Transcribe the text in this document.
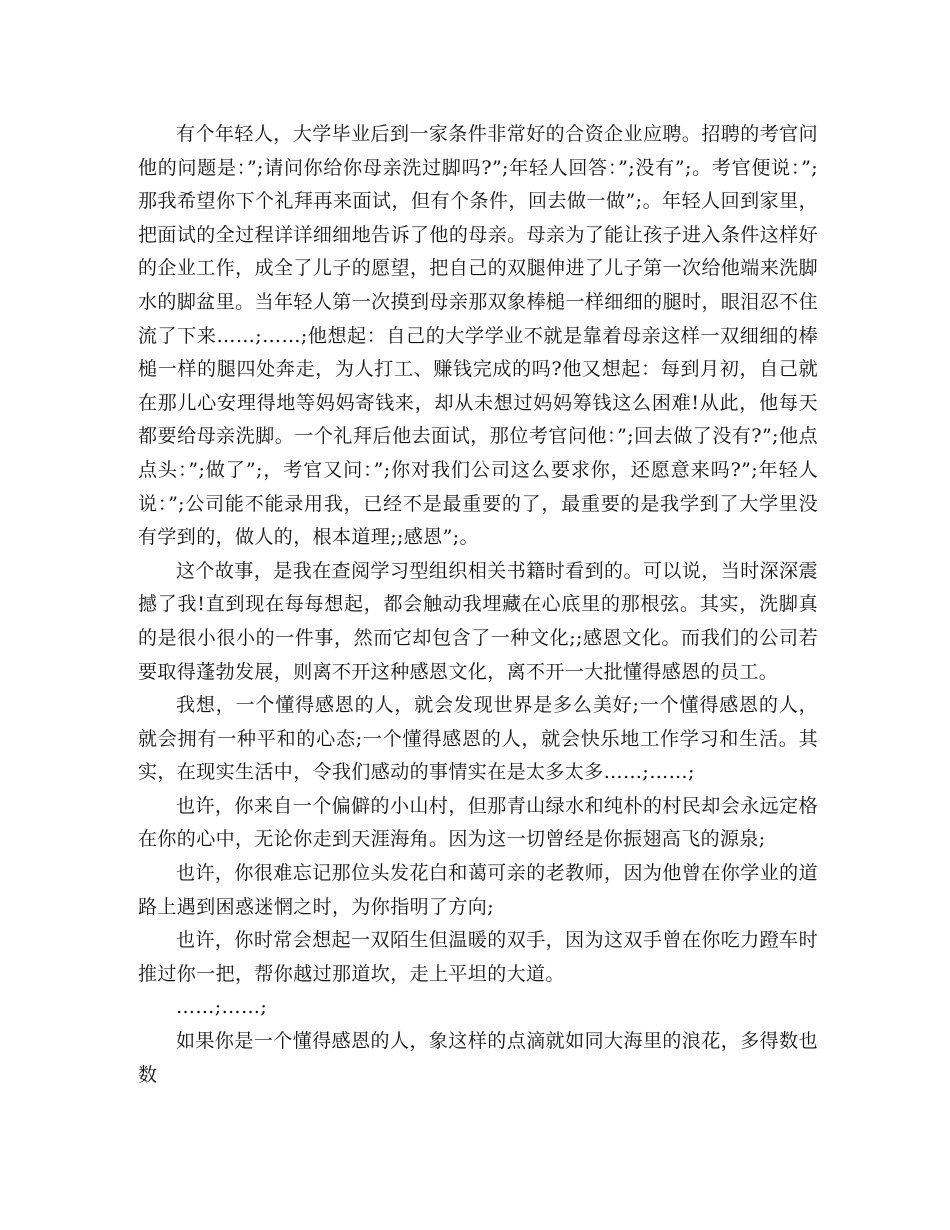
有个年轻人，大学毕业后到一家条件非常好的合资企业应聘。招聘的考官问他的问题是：”;请问你给你母亲洗过脚吗?”;年轻人回答：”;没有”;。考官便说：”;那我希望你下个礼拜再来面试，但有个条件，回去做一做”;。年轻人回到家里，把面试的全过程详详细细地告诉了他的母亲。母亲为了能让孩子进入条件这样好的企业工作，成全了儿子的愿望，把自己的双腿伸进了儿子第一次给他端来洗脚水的脚盆里。当年轻人第一次摸到母亲那双象棒槌一样细细的腿时，眼泪忍不住流了下来……;……;他想起：自己的大学学业不就是靠着母亲这样一双细细的棒槌一样的腿四处奔走，为人打工、赚钱完成的吗?他又想起：每到月初，自己就在那儿心安理得地等妈妈寄钱来，却从未想过妈妈筹钱这么困难!从此，他每天都要给母亲洗脚。一个礼拜后他去面试，那位考官问他：”;回去做了没有?”;他点点头：”;做了”;，考官又问：”;你对我们公司这么要求你，还愿意来吗?”;年轻人说：”;公司能不能录用我，已经不是最重要的了，最重要的是我学到了大学里没有学到的，做人的，根本道理;;感恩”;。

这个故事，是我在查阅学习型组织相关书籍时看到的。可以说，当时深深震撼了我!直到现在每每想起，都会触动我埋藏在心底里的那根弦。其实，洗脚真的是很小很小的一件事，然而它却包含了一种文化;;感恩文化。而我们的公司若要取得蓬勃发展，则离不开这种感恩文化，离不开一大批懂得感恩的员工。

我想，一个懂得感恩的人，就会发现世界是多么美好;一个懂得感恩的人，就会拥有一种平和的心态;一个懂得感恩的人，就会快乐地工作学习和生活。其实，在现实生活中，令我们感动的事情实在是太多太多……;……;

也许，你来自一个偏僻的小山村，但那青山绿水和纯朴的村民却会永远定格在你的心中，无论你走到天涯海角。因为这一切曾经是你振翅高飞的源泉;

也许，你很难忘记那位头发花白和蔼可亲的老教师，因为他曾在你学业的道路上遇到困惑迷惘之时，为你指明了方向;

也许，你时常会想起一双陌生但温暖的双手，因为这双手曾在你吃力蹬车时推过你一把，帮你越过那道坎，走上平坦的大道。

……;……;

如果你是一个懂得感恩的人，象这样的点滴就如同大海里的浪花，多得数也数
